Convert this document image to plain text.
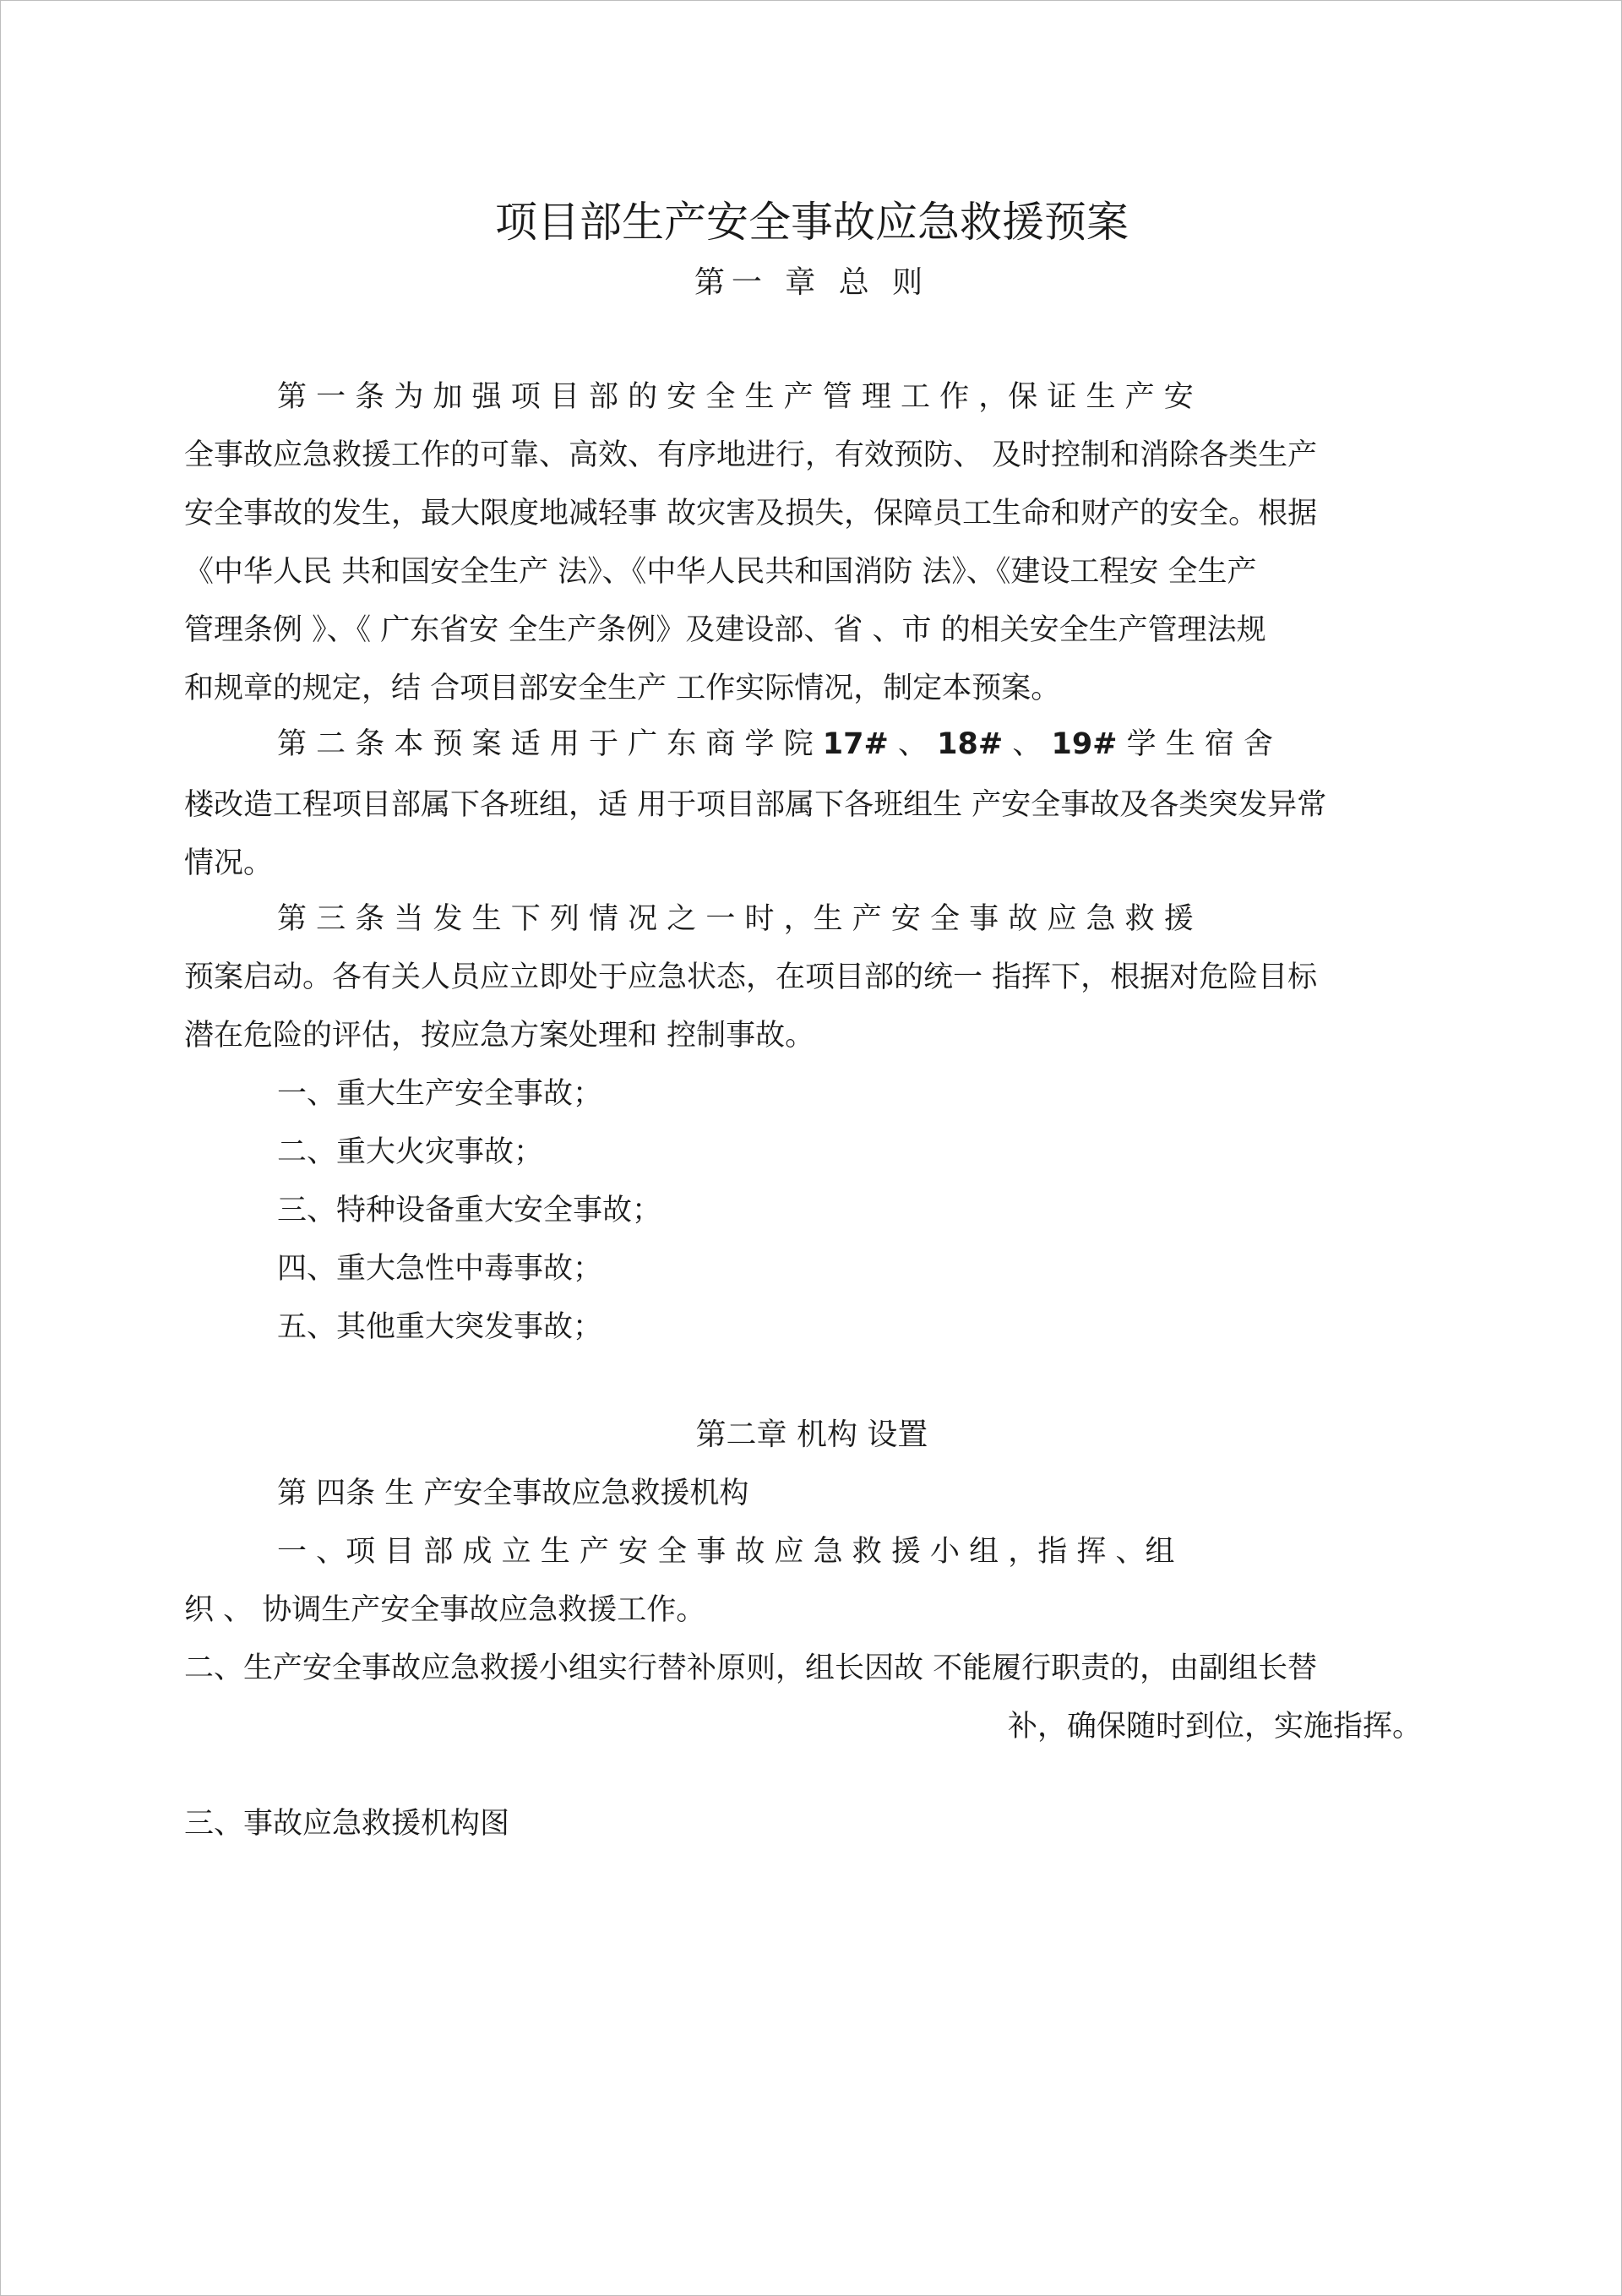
项目部生产安全事故应急救援预案
第一 章 总 则
第 一 条 为 加 强 项 目 部 的 安 全 生 产 管 理 工 作 ，保 证 生 产 安
全事故应急救援工作的可靠、高效、有序地进行，有效预防、 及时控制和消除各类生产
安全事故的发生，最大限度地减轻事 故灾害及损失，保障员工生命和财产的安全。根据
《中华人民 共和国安全生产 法》、《中华人民共和国消防 法》、《建设工程安 全生产
管理条例 》、《 广东省安 全生产条例》及建设部、省 、市 的相关安全生产管理法规
和规章的规定，结 合项目部安全生产 工作实际情况，制定本预案。
第 二 条 本 预 案 适 用 于 广 东 商 学 院 17# 、 18# 、 19# 学 生 宿 舍
楼改造工程项目部属下各班组，适 用于项目部属下各班组生 产安全事故及各类突发异常
情况。
第 三 条 当 发 生 下 列 情 况 之 一 时 ，生 产 安 全 事 故 应 急 救 援
预案启动。各有关人员应立即处于应急状态，在项目部的统一 指挥下，根据对危险目标
潜在危险的评估，按应急方案处理和 控制事故。
一、重大生产安全事故；
二、重大火灾事故；
三、特种设备重大安全事故；
四、重大急性中毒事故；
五、其他重大突发事故；
第二章 机构 设置
第 四条 生 产安全事故应急救援机构
一 、项 目 部 成 立 生 产 安 全 事 故 应 急 救 援 小 组 ，指 挥 、组
织 、 协调生产安全事故应急救援工作。
二、生产安全事故应急救援小组实行替补原则，组长因故 不能履行职责的，由副组长替
补，确保随时到位，实施指挥。
三、事故应急救援机构图
